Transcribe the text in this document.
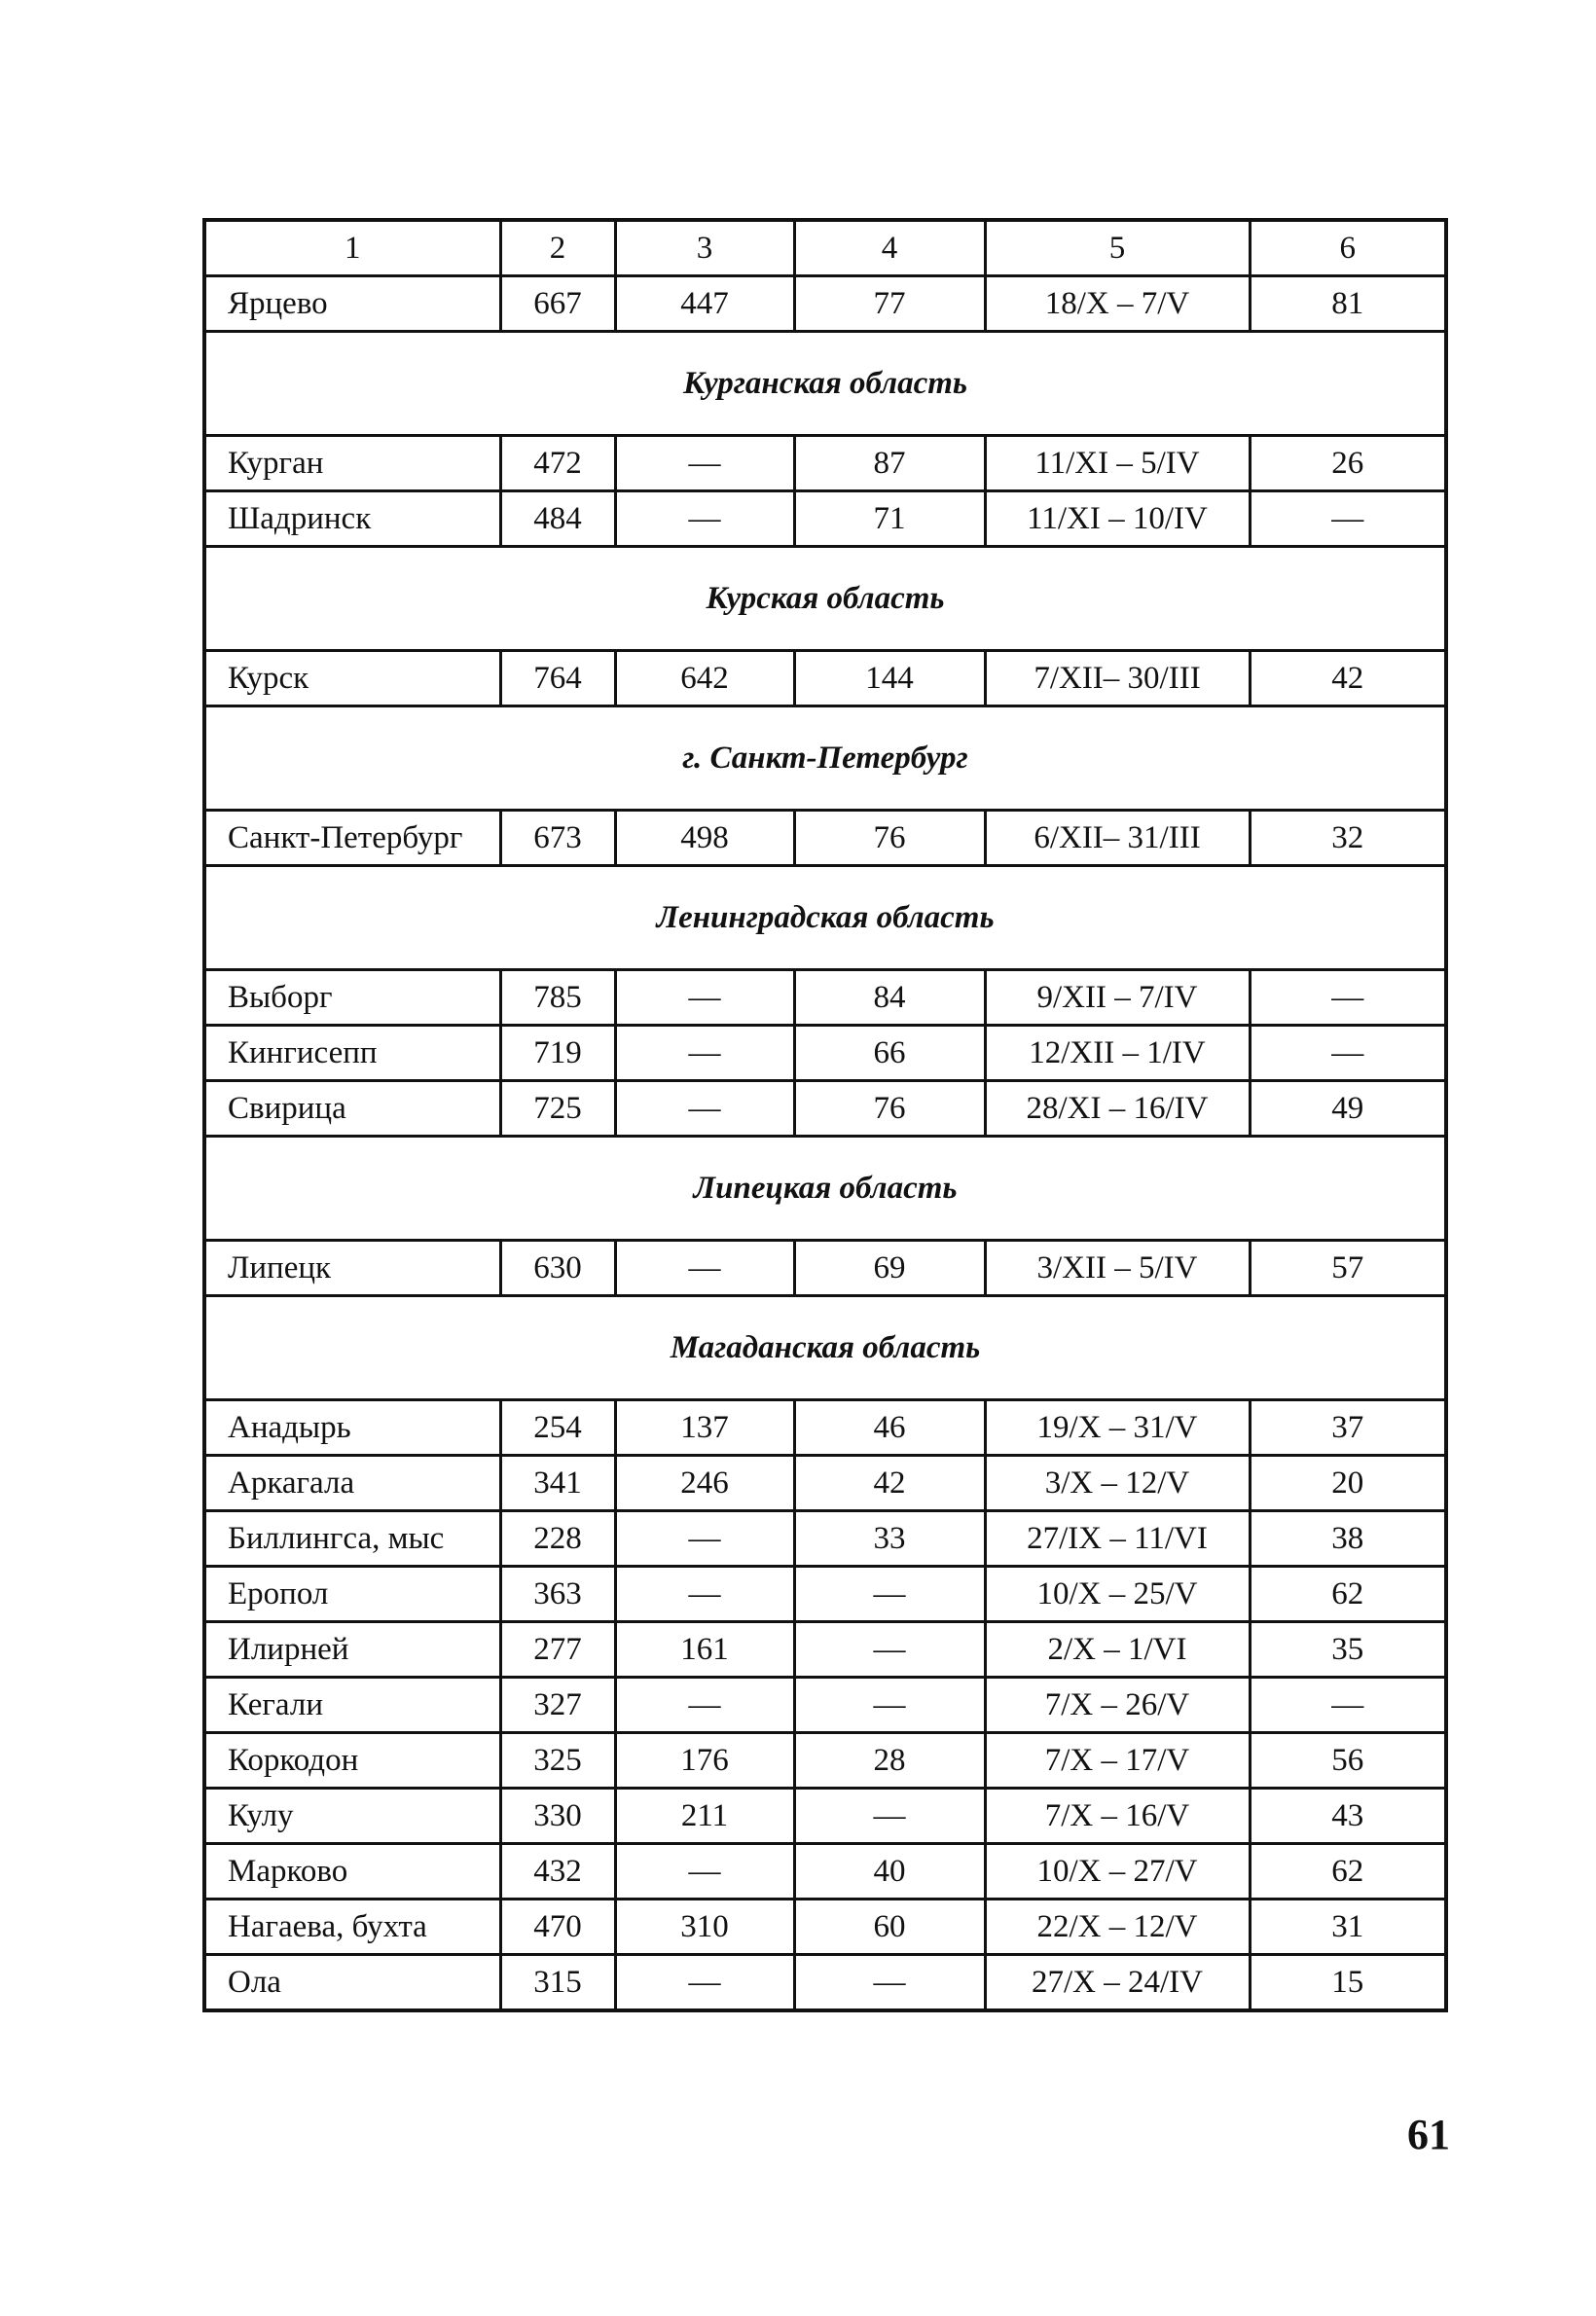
1	2	3	4	5	6
Ярцево	667	447	77	18/X – 7/V	81
Курганская область					
Курган	472	—	87	11/XI – 5/IV	26
Шадринск	484	—	71	11/XI – 10/IV	—
Курская область					
Курск	764	642	144	7/XII– 30/III	42
г. Санкт-Петербург					
Санкт-Петербург	673	498	76	6/XII– 31/III	32
Ленинградская область					
Выборг	785	—	84	9/XII – 7/IV	—
Кингисепп	719	—	66	12/XII – 1/IV	—
Свирица	725	—	76	28/XI – 16/IV	49
Липецкая область					
Липецк	630	—	69	3/XII – 5/IV	57
Магаданская область					
Анадырь	254	137	46	19/X – 31/V	37
Аркагала	341	246	42	3/X – 12/V	20
Биллингса, мыс	228	—	33	27/IX – 11/VI	38
Еропол	363	—	—	10/X – 25/V	62
Илирней	277	161	—	2/X – 1/VI	35
Кегали	327	—	—	7/X – 26/V	—
Коркодон	325	176	28	7/X – 17/V	56
Кулу	330	211	—	7/X – 16/V	43
Марково	432	—	40	10/X – 27/V	62
Нагаева, бухта	470	310	60	22/X – 12/V	31
Ола	315	—	—	27/X – 24/IV	15
61
